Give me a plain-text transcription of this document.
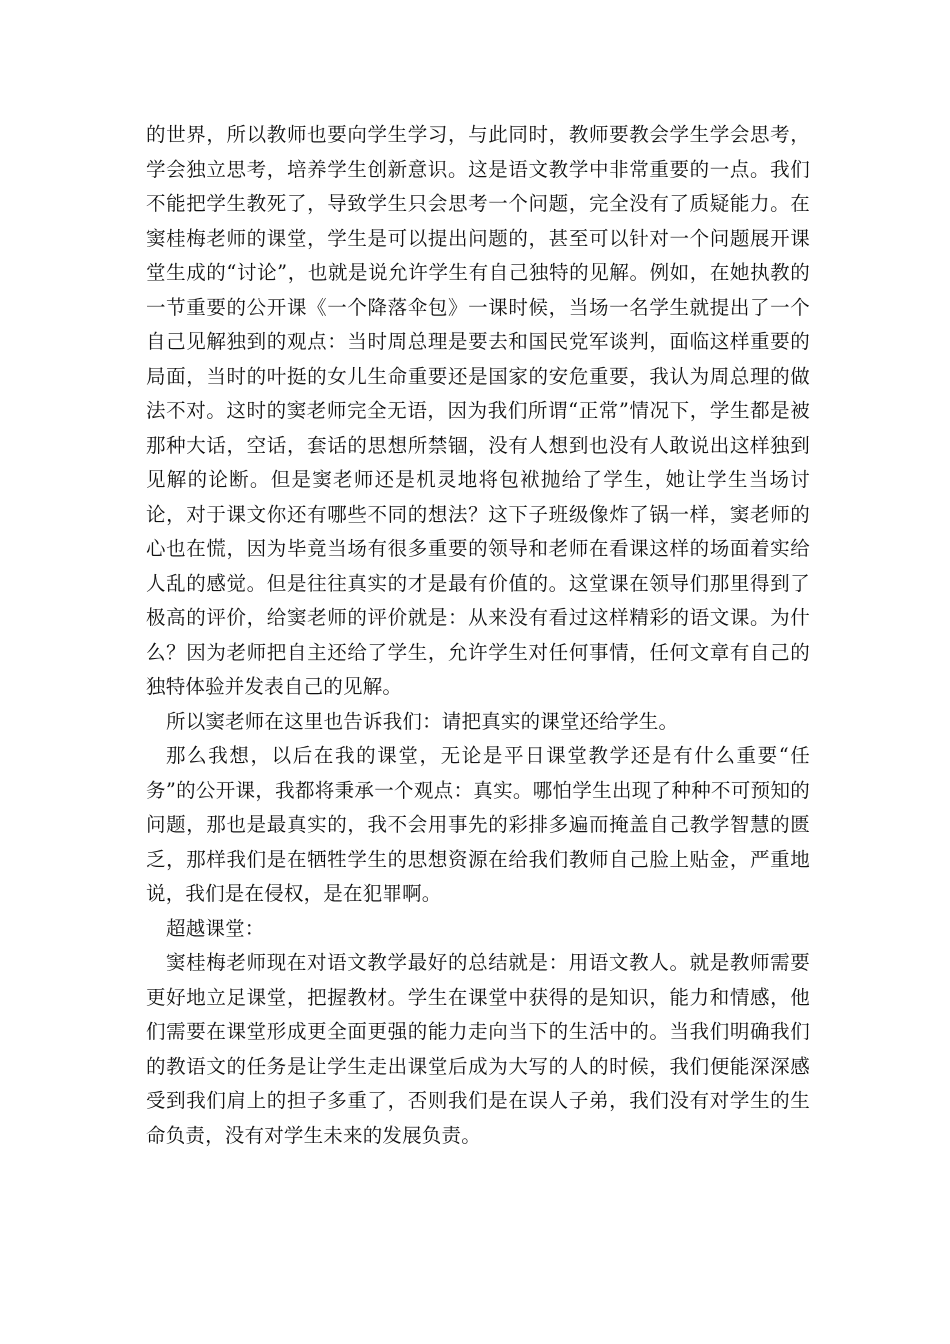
的世界，所以教师也要向学生学习，与此同时，教师要教会学生学会思考，学会独立思考，培养学生创新意识。这是语文教学中非常重要的一点。我们不能把学生教死了，导致学生只会思考一个问题，完全没有了质疑能力。在窦桂梅老师的课堂，学生是可以提出问题的，甚至可以针对一个问题展开课堂生成的“讨论”，也就是说允许学生有自己独特的见解。例如，在她执教的一节重要的公开课《一个降落伞包》一课时候，当场一名学生就提出了一个自己见解独到的观点：当时周总理是要去和国民党军谈判，面临这样重要的局面，当时的叶挺的女儿生命重要还是国家的安危重要，我认为周总理的做法不对。这时的窦老师完全无语，因为我们所谓“正常”情况下，学生都是被那种大话，空话，套话的思想所禁锢，没有人想到也没有人敢说出这样独到见解的论断。但是窦老师还是机灵地将包袱抛给了学生，她让学生当场讨论，对于课文你还有哪些不同的想法？这下子班级像炸了锅一样，窦老师的心也在慌，因为毕竟当场有很多重要的领导和老师在看课这样的场面着实给人乱的感觉。但是往往真实的才是最有价值的。这堂课在领导们那里得到了极高的评价，给窦老师的评价就是：从来没有看过这样精彩的语文课。为什么？因为老师把自主还给了学生，允许学生对任何事情，任何文章有自己的独特体验并发表自己的见解。

所以窦老师在这里也告诉我们：请把真实的课堂还给学生。

那么我想，以后在我的课堂，无论是平日课堂教学还是有什么重要“任务”的公开课，我都将秉承一个观点：真实。哪怕学生出现了种种不可预知的问题，那也是最真实的，我不会用事先的彩排多遍而掩盖自己教学智慧的匮乏，那样我们是在牺牲学生的思想资源在给我们教师自己脸上贴金，严重地说，我们是在侵权，是在犯罪啊。

超越课堂：

窦桂梅老师现在对语文教学最好的总结就是：用语文教人。就是教师需要更好地立足课堂，把握教材。学生在课堂中获得的是知识，能力和情感，他们需要在课堂形成更全面更强的能力走向当下的生活中的。当我们明确我们的教语文的任务是让学生走出课堂后成为大写的人的时候，我们便能深深感受到我们肩上的担子多重了，否则我们是在误人子弟，我们没有对学生的生命负责，没有对学生未来的发展负责。
